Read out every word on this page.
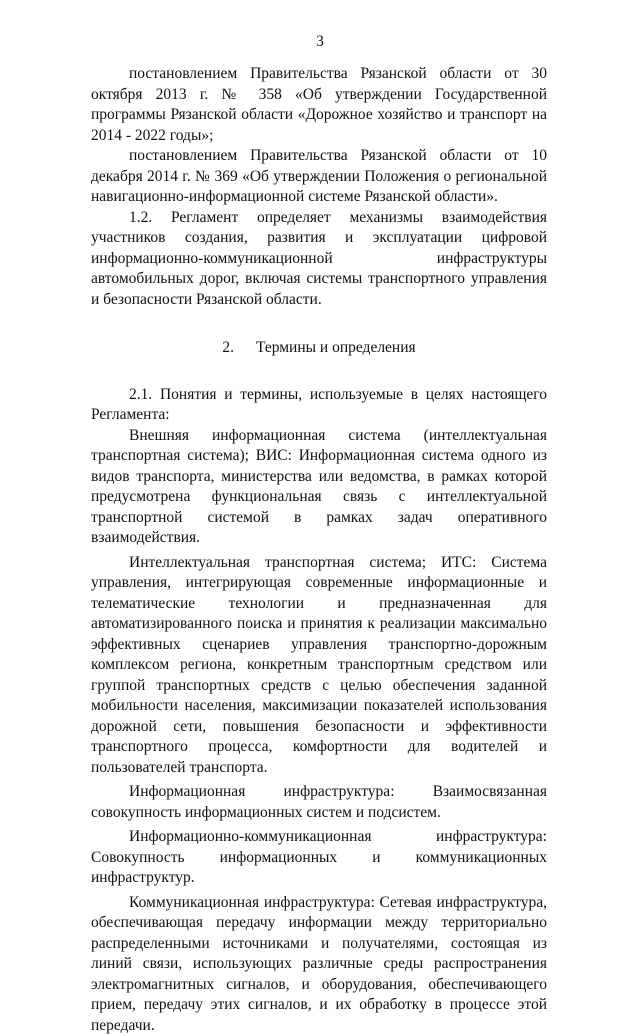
3

постановлением Правительства Рязанской области от 30 октября 2013 г. № 358 «Об утверждении Государственной программы Рязанской области «Дорожное хозяйство и транспорт на 2014 - 2022 годы»;

постановлением Правительства Рязанской области от 10 декабря 2014 г. № 369 «Об утверждении Положения о региональной навигационно-информационной системе Рязанской области».

1.2. Регламент определяет механизмы взаимодействия участников создания, развития и эксплуатации цифровой информационно-коммуникационной инфраструктуры автомобильных дорог, включая системы транспортного управления и безопасности Рязанской области.

2. Термины и определения

2.1. Понятия и термины, используемые в целях настоящего Регламента:

Внешняя информационная система (интеллектуальная транспортная система); ВИС: Информационная система одного из видов транспорта, министерства или ведомства, в рамках которой предусмотрена функциональная связь с интеллектуальной транспортной системой в рамках задач оперативного взаимодействия.

Интеллектуальная транспортная система; ИТС: Система управления, интегрирующая современные информационные и телематические технологии и предназначенная для автоматизированного поиска и принятия к реализации максимально эффективных сценариев управления транспортно-дорожным комплексом региона, конкретным транспортным средством или группой транспортных средств с целью обеспечения заданной мобильности населения, максимизации показателей использования дорожной сети, повышения безопасности и эффективности транспортного процесса, комфортности для водителей и пользователей транспорта.

Информационная инфраструктура: Взаимосвязанная совокупность информационных систем и подсистем.

Информационно-коммуникационная инфраструктура: Совокупность информационных и коммуникационных инфраструктур.

Коммуникационная инфраструктура: Сетевая инфраструктура, обеспечивающая передачу информации между территориально распределенными источниками и получателями, состоящая из линий связи, использующих различные среды распространения электромагнитных сигналов, и оборудования, обеспечивающего прием, передачу этих сигналов, и их обработку в процессе этой передачи.
